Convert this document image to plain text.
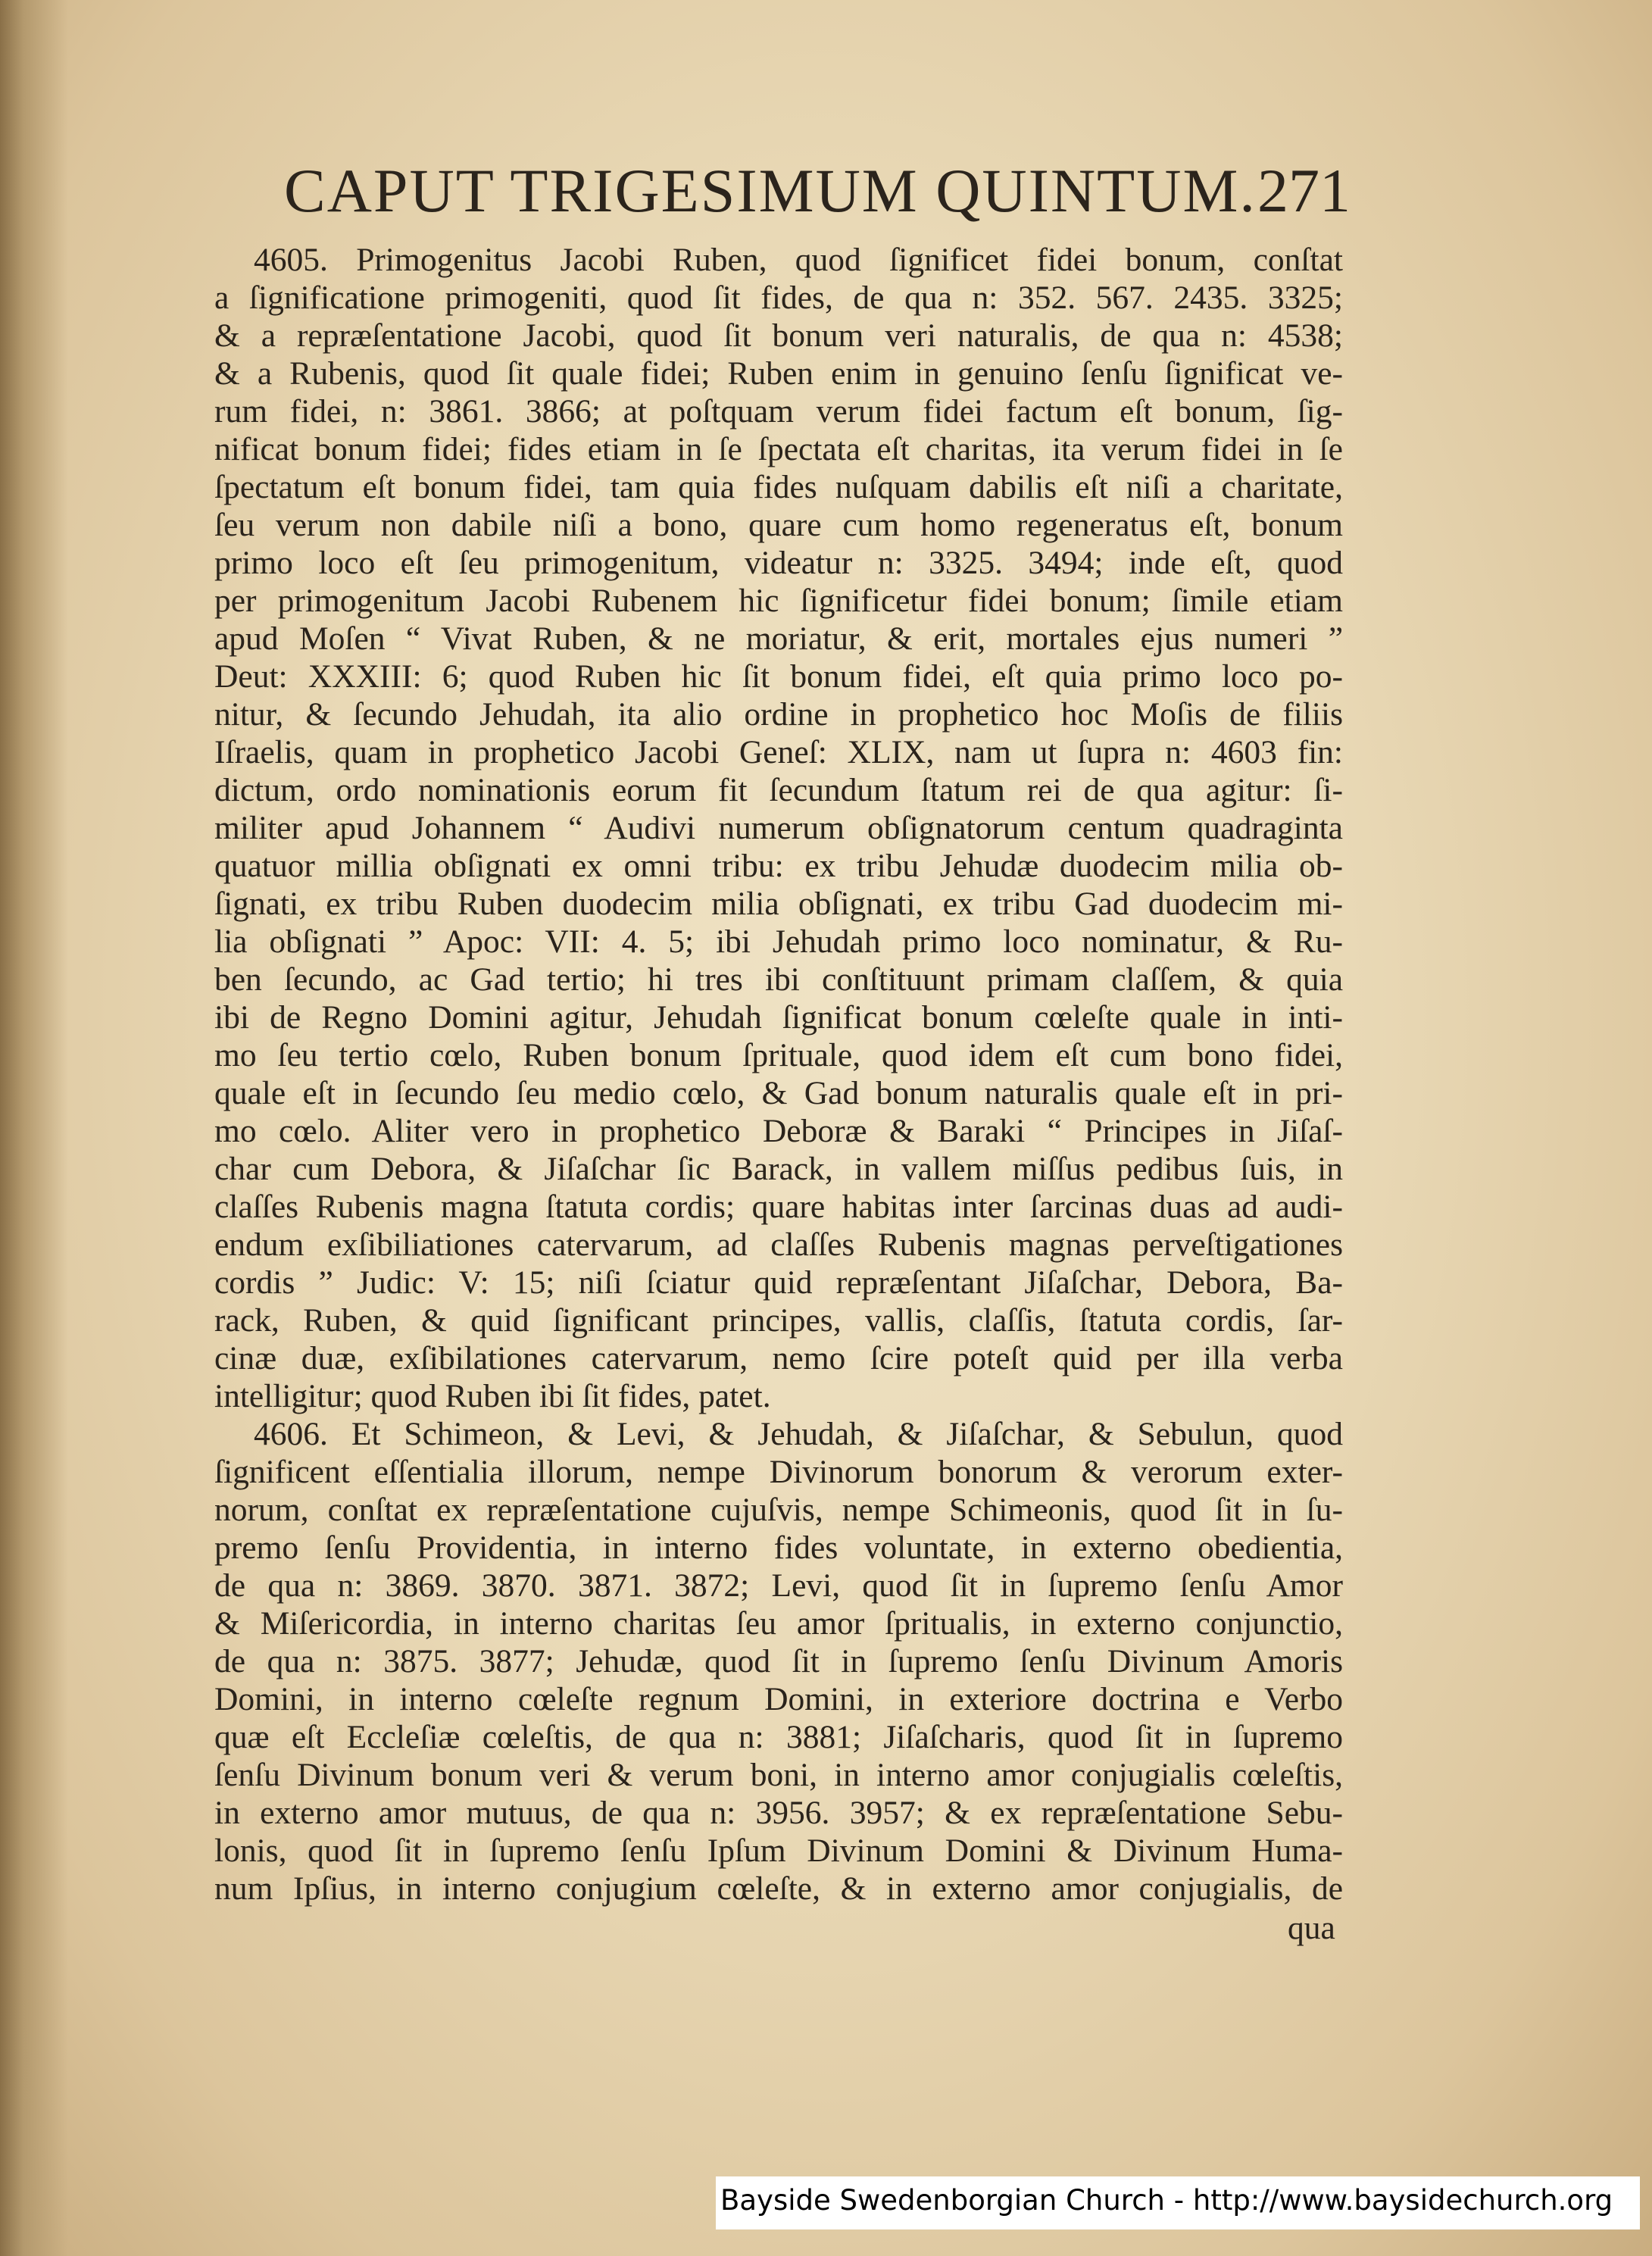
CAPUT TRIGESIMUM QUINTUM. 271
4605. Primogenitus Jacobi Ruben, quod ſignificet fidei bonum, conſtat
a ſignificatione primogeniti, quod ſit fides, de qua n: 352. 567. 2435. 3325;
& a repræſentatione Jacobi, quod ſit bonum veri naturalis, de qua n: 4538;
& a Rubenis, quod ſit quale fidei; Ruben enim in genuino ſenſu ſignificat ve-
rum fidei, n: 3861. 3866; at poſtquam verum fidei factum eſt bonum, ſig-
nificat bonum fidei; fides etiam in ſe ſpectata eſt charitas, ita verum fidei in ſe
ſpectatum eſt bonum fidei, tam quia fides nuſquam dabilis eſt niſi a charitate,
ſeu verum non dabile niſi a bono, quare cum homo regeneratus eſt, bonum
primo loco eſt ſeu primogenitum, videatur n: 3325. 3494; inde eſt, quod
per primogenitum Jacobi Rubenem hic ſignificetur fidei bonum; ſimile etiam
apud Moſen “ Vivat Ruben, & ne moriatur, & erit, mortales ejus numeri ”
Deut: XXXIII: 6; quod Ruben hic ſit bonum fidei, eſt quia primo loco po-
nitur, & ſecundo Jehudah, ita alio ordine in prophetico hoc Moſis de filiis
Iſraelis, quam in prophetico Jacobi Geneſ: XLIX, nam ut ſupra n: 4603 fin:
dictum, ordo nominationis eorum fit ſecundum ſtatum rei de qua agitur: ſi-
militer apud Johannem “ Audivi numerum obſignatorum centum quadraginta
quatuor millia obſignati ex omni tribu: ex tribu Jehudæ duodecim milia ob-
ſignati, ex tribu Ruben duodecim milia obſignati, ex tribu Gad duodecim mi-
lia obſignati ” Apoc: VII: 4. 5; ibi Jehudah primo loco nominatur, & Ru-
ben ſecundo, ac Gad tertio; hi tres ibi conſtituunt primam claſſem, & quia
ibi de Regno Domini agitur, Jehudah ſignificat bonum cœleſte quale in inti-
mo ſeu tertio cœlo, Ruben bonum ſprituale, quod idem eſt cum bono fidei,
quale eſt in ſecundo ſeu medio cœlo, & Gad bonum naturalis quale eſt in pri-
mo cœlo. Aliter vero in prophetico Deboræ & Baraki “ Principes in Jiſaſ-
char cum Debora, & Jiſaſchar ſic Barack, in vallem miſſus pedibus ſuis, in
claſſes Rubenis magna ſtatuta cordis; quare habitas inter ſarcinas duas ad audi-
endum exſibiliationes catervarum, ad claſſes Rubenis magnas perveſtigationes
cordis ” Judic: V: 15; niſi ſciatur quid repræſentant Jiſaſchar, Debora, Ba-
rack, Ruben, & quid ſignificant principes, vallis, claſſis, ſtatuta cordis, ſar-
cinæ duæ, exſibilationes catervarum, nemo ſcire poteſt quid per illa verba
intelligitur; quod Ruben ibi ſit fides, patet.
4606. Et Schimeon, & Levi, & Jehudah, & Jiſaſchar, & Sebulun, quod
ſignificent eſſentialia illorum, nempe Divinorum bonorum & verorum exter-
norum, conſtat ex repræſentatione cujuſvis, nempe Schimeonis, quod ſit in ſu-
premo ſenſu Providentia, in interno fides voluntate, in externo obedientia,
de qua n: 3869. 3870. 3871. 3872; Levi, quod ſit in ſupremo ſenſu Amor
& Miſericordia, in interno charitas ſeu amor ſpritualis, in externo conjunctio,
de qua n: 3875. 3877; Jehudæ, quod ſit in ſupremo ſenſu Divinum Amoris
Domini, in interno cœleſte regnum Domini, in exteriore doctrina e Verbo
quæ eſt Eccleſiæ cœleſtis, de qua n: 3881; Jiſaſcharis, quod ſit in ſupremo
ſenſu Divinum bonum veri & verum boni, in interno amor conjugialis cœleſtis,
in externo amor mutuus, de qua n: 3956. 3957; & ex repræſentatione Sebu-
lonis, quod ſit in ſupremo ſenſu Ipſum Divinum Domini & Divinum Huma-
num Ipſius, in interno conjugium cœleſte, & in externo amor conjugialis, de
qua
Bayside Swedenborgian Church - http://www.baysidechurch.org
